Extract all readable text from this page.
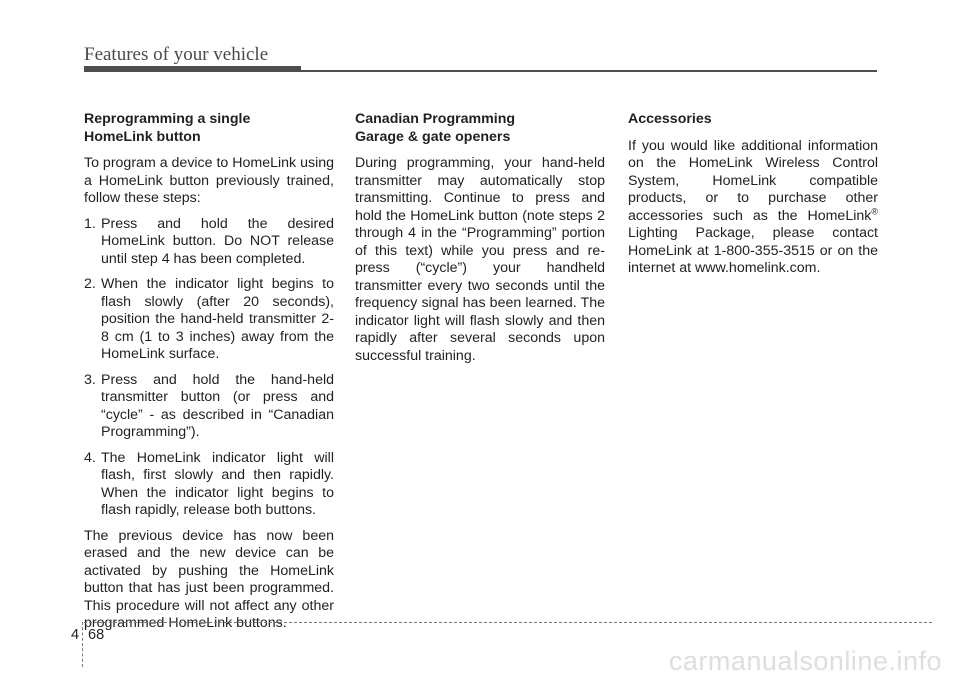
Features of your vehicle
Reprogramming a single
HomeLink button
To program a device to HomeLink using a HomeLink button previously trained, follow these steps:
1. Press and hold the desired HomeLink button. Do NOT release until step 4 has been completed.
2. When the indicator light begins to flash slowly (after 20 seconds), position the hand-held transmitter 2-8 cm (1 to 3 inches) away from the HomeLink surface.
3. Press and hold the hand-held transmitter button (or press and “cycle” - as described in “Canadian Programming”).
4. The HomeLink indicator light will flash, first slowly and then rapidly. When the indicator light begins to flash rapidly, release both buttons.
The previous device has now been erased and the new device can be activated by pushing the HomeLink button that has just been programmed. This procedure will not affect any other programmed HomeLink buttons.
Canadian Programming
Garage & gate openers
During programming, your hand-held transmitter may automatically stop transmitting. Continue to press and hold the HomeLink button (note steps 2 through 4 in the “Programming” portion of this text) while you press and re-press (“cycle”) your handheld transmitter every two seconds until the frequency signal has been learned. The indicator light will flash slowly and then rapidly after several seconds upon successful training.
Accessories
If you would like additional information on the HomeLink Wireless Control System, HomeLink compatible products, or to purchase other accessories such as the HomeLink® Lighting Package, please contact HomeLink at 1-800-355-3515 or on the internet at www.homelink.com.
4 68
carmanualsonline.info
